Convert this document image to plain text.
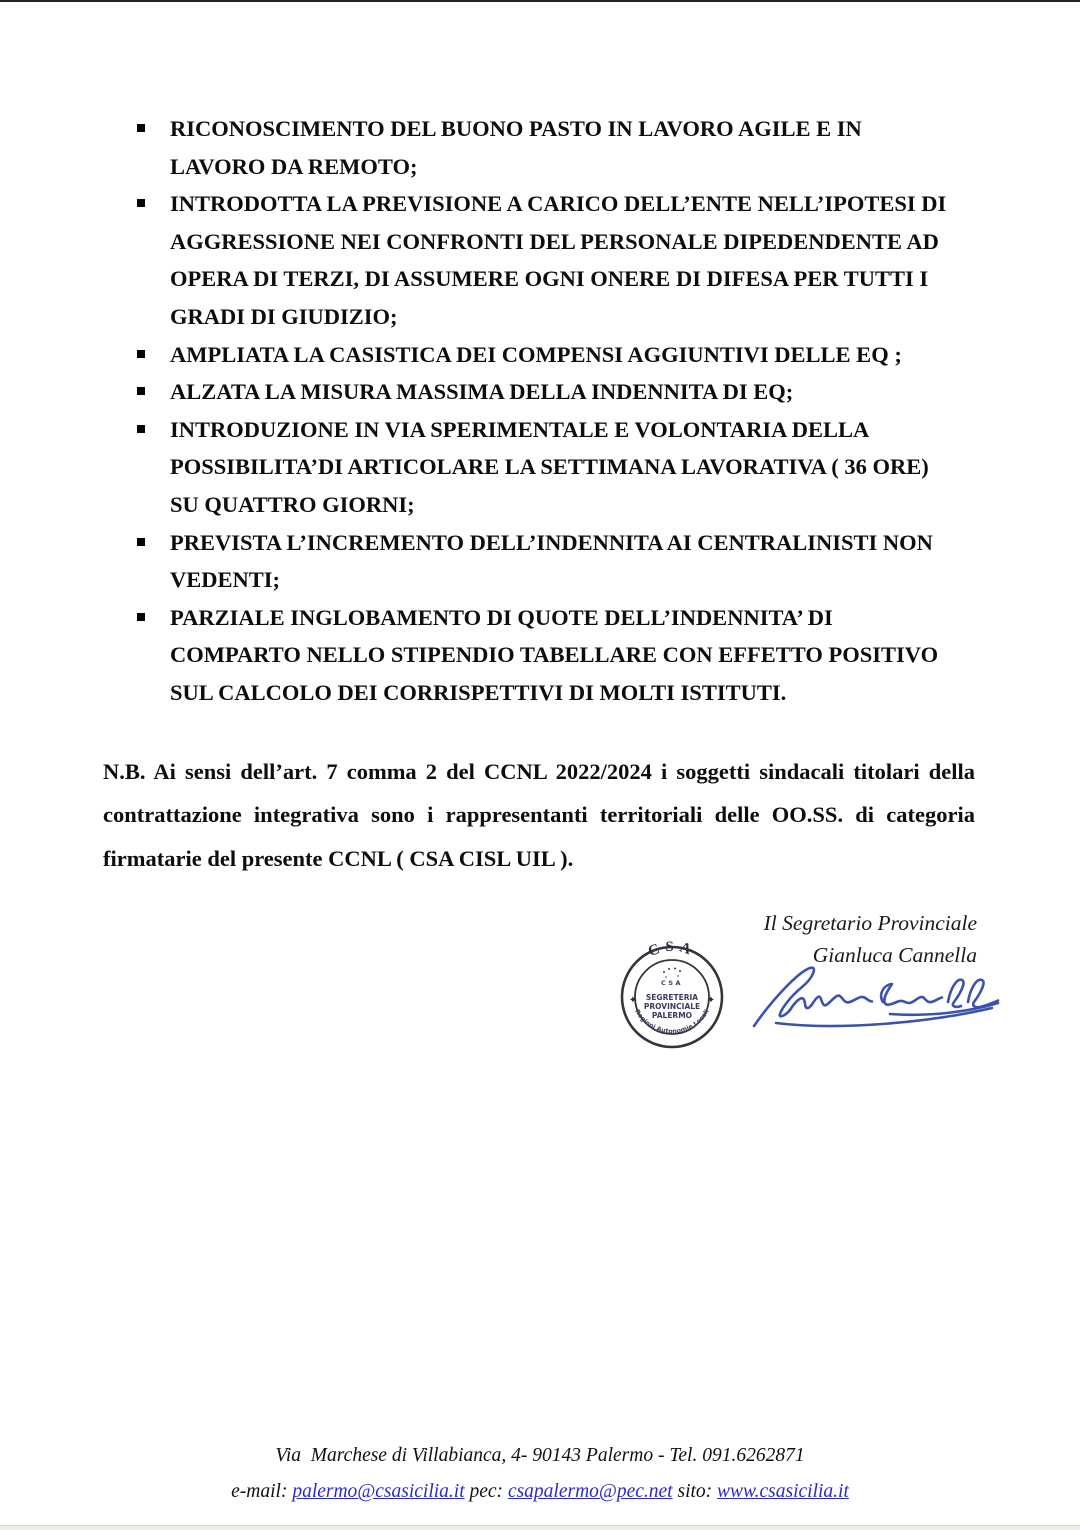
RICONOSCIMENTO DEL BUONO PASTO IN LAVORO AGILE E IN LAVORO DA REMOTO;
INTRODOTTA LA PREVISIONE A CARICO DELL’ENTE NELL’IPOTESI DI AGGRESSIONE NEI CONFRONTI DEL PERSONALE DIPEDENDENTE AD OPERA DI TERZI, DI ASSUMERE OGNI ONERE DI DIFESA PER TUTTI I GRADI DI GIUDIZIO;
AMPLIATA LA CASISTICA DEI COMPENSI AGGIUNTIVI DELLE EQ ;
ALZATA LA MISURA MASSIMA DELLA INDENNITA DI EQ;
INTRODUZIONE IN VIA SPERIMENTALE E VOLONTARIA DELLA POSSIBILITA’DI ARTICOLARE LA SETTIMANA LAVORATIVA ( 36 ORE) SU QUATTRO GIORNI;
PREVISTA L’INCREMENTO DELL’INDENNITA AI CENTRALINISTI NON VEDENTI;
PARZIALE INGLOBAMENTO DI QUOTE DELL’INDENNITA’ DI COMPARTO NELLO STIPENDIO TABELLARE CON EFFETTO POSITIVO SUL CALCOLO DEI CORRISPETTIVI DI MOLTI ISTITUTI.

N.B. Ai sensi dell’art. 7 comma 2 del CCNL 2022/2024 i soggetti sindacali titolari della contrattazione integrativa sono i rappresentanti territoriali delle OO.SS. di categoria firmatarie del presente CCNL ( CSA CISL UIL ).

Il Segretario Provinciale
Gianluca Cannella
CSA
✦	✦
CSA
SEGRETERIA
PROVINCIALE
PALERMO
Regioni Autonomie Locali
Via  Marchese di Villabianca, 4- 90143 Palermo - Tel. 091.6262871
e-mail: palermo@csasicilia.it pec: csapalermo@pec.net sito: www.csasicilia.it
